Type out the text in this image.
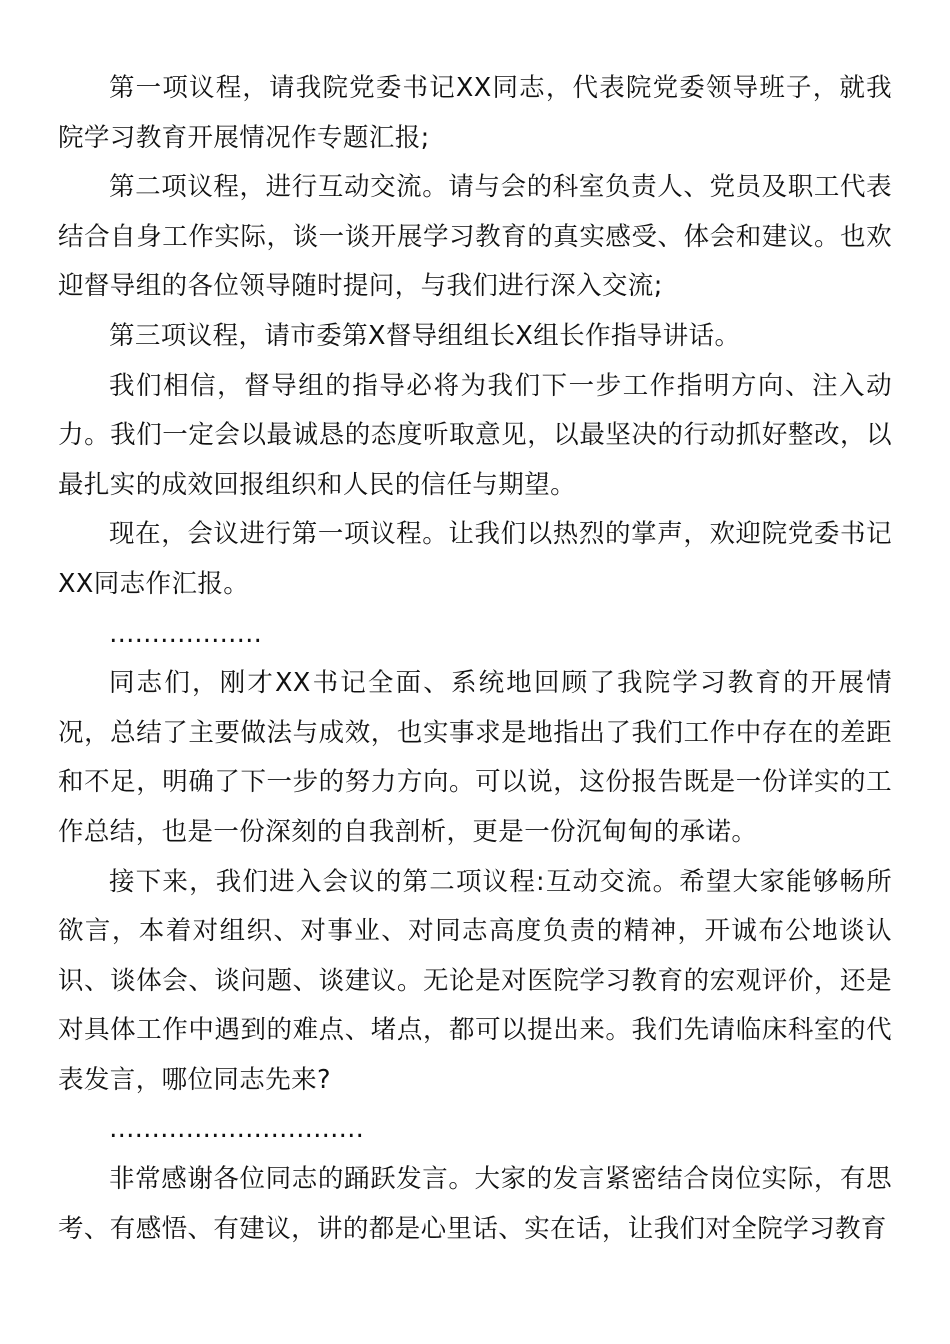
第一项议程，请我院党委书记XX同志，代表院党委领导班子，就我院学习教育开展情况作专题汇报;

第二项议程，进行互动交流。请与会的科室负责人、党员及职工代表结合自身工作实际，谈一谈开展学习教育的真实感受、体会和建议。也欢迎督导组的各位领导随时提问，与我们进行深入交流;

第三项议程，请市委第X督导组组长X组长作指导讲话。

我们相信，督导组的指导必将为我们下一步工作指明方向、注入动力。我们一定会以最诚恳的态度听取意见，以最坚决的行动抓好整改，以最扎实的成效回报组织和人民的信任与期望。

现在，会议进行第一项议程。让我们以热烈的掌声，欢迎院党委书记XX同志作汇报。

………………

同志们，刚才XX书记全面、系统地回顾了我院学习教育的开展情况，总结了主要做法与成效，也实事求是地指出了我们工作中存在的差距和不足，明确了下一步的努力方向。可以说，这份报告既是一份详实的工作总结，也是一份深刻的自我剖析，更是一份沉甸甸的承诺。

接下来，我们进入会议的第二项议程:互动交流。希望大家能够畅所欲言，本着对组织、对事业、对同志高度负责的精神，开诚布公地谈认识、谈体会、谈问题、谈建议。无论是对医院学习教育的宏观评价，还是对具体工作中遇到的难点、堵点，都可以提出来。我们先请临床科室的代表发言，哪位同志先来?

…………………………

非常感谢各位同志的踊跃发言。大家的发言紧密结合岗位实际，有思考、有感悟、有建议，讲的都是心里话、实在话，让我们对全院学习教育
